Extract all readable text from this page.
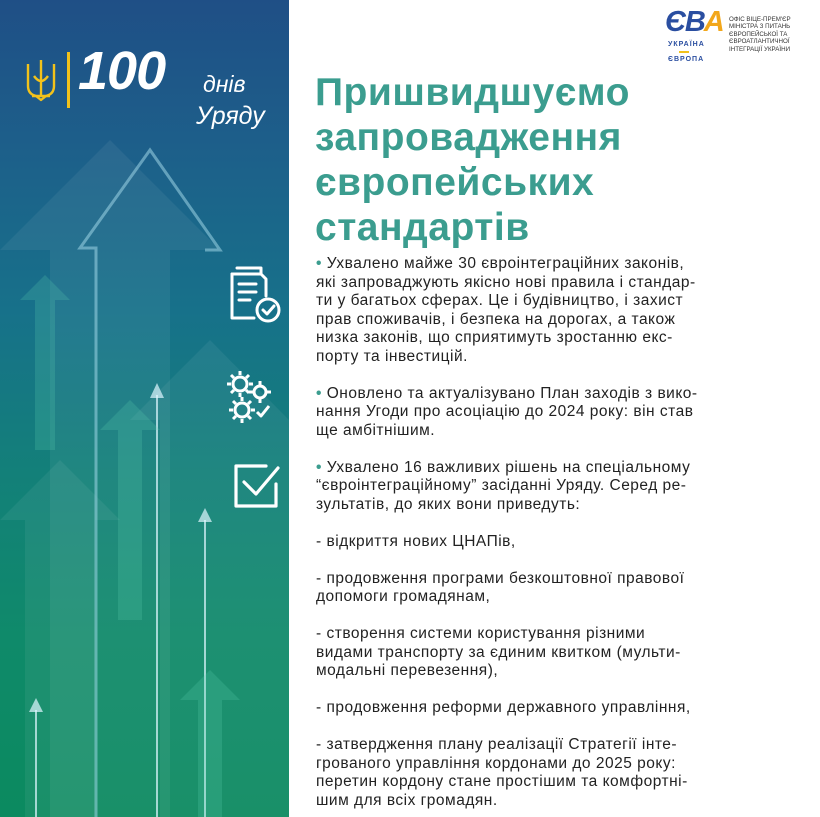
100 днів
Уряду
ЄВА
УКРАЇНА
ЄВРОПА
ОФІС ВІЦЕ-ПРЕМ'ЄР МІНІСТРА З ПИТАНЬ ЄВРОПЕЙСЬКОЇ ТА ЄВРОАТЛАНТИЧНОЇ ІНТЕГРАЦІЇ УКРАЇНИ
Пришвидшуємо
запровадження
європейських
стандартів

• Ухвалено майже 30 євроінтеграційних законів,
які запроваджують якісно нові правила і стандар-
ти у багатьох сферах. Це і будівництво, і захист
прав споживачів, і безпека на дорогах, а також
низка законів, що сприятимуть зростанню екс-
порту та інвестицій.

• Оновлено та актуалізувано План заходів з вико-
нання Угоди про асоціацію до 2024 року: він став
ще амбітнішим.

• Ухвалено 16 важливих рішень на спеціальному
“євроінтеграційному” засіданні Уряду. Серед ре-
зультатів, до яких вони приведуть:

- відкриття нових ЦНАПів,

- продовження програми безкоштовної правової
допомоги громадянам,

- створення системи користування різними
видами транспорту за єдиним квитком (мульти-
модальні перевезення),

- продовження реформи державного управління,

- затвердження плану реалізації Стратегії інте-
грованого управління кордонами до 2025 року:
перетин кордону стане простішим та комфортні-
шим для всіх громадян.
